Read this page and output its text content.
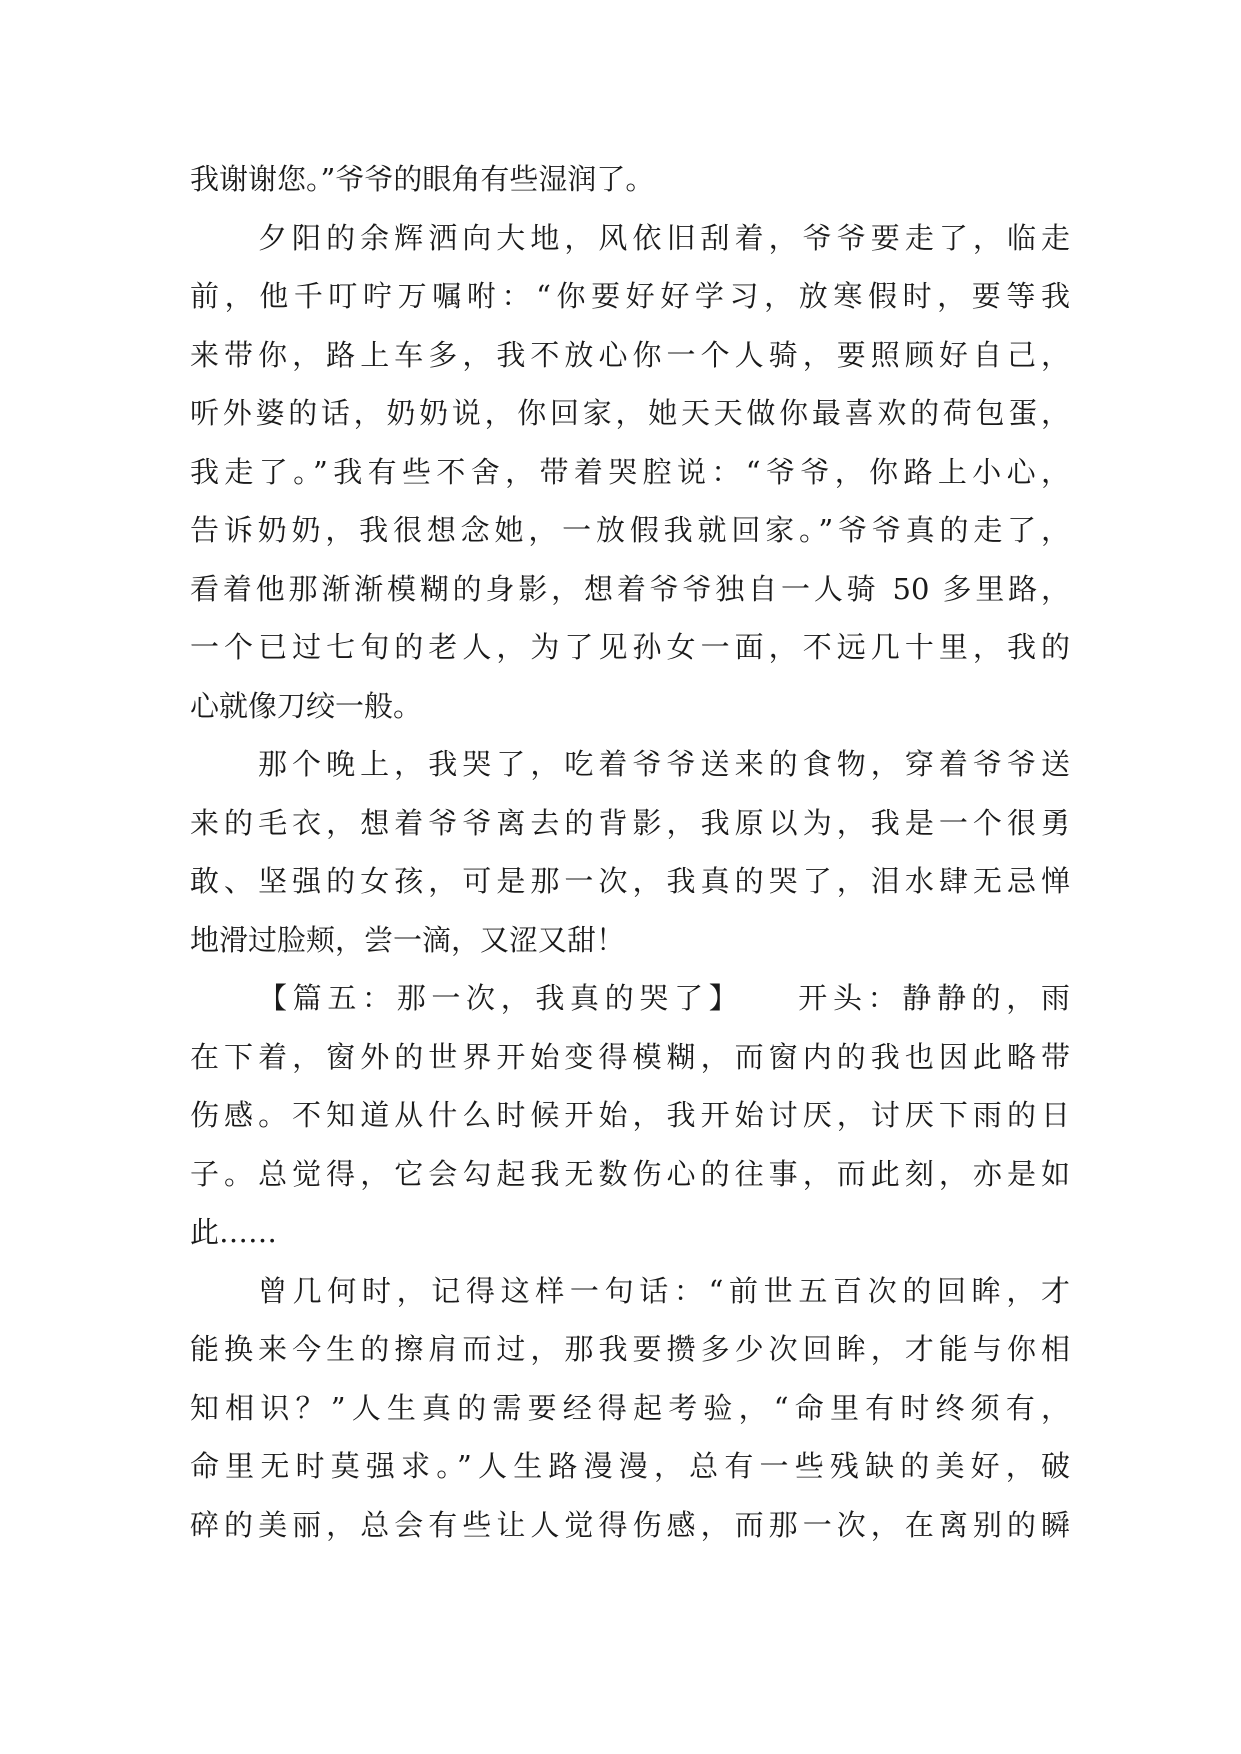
我谢谢您。”爷爷的眼角有些湿润了。
夕阳的余辉洒向大地，风依旧刮着，爷爷要走了，临走
前，他千叮咛万嘱咐：“你要好好学习，放寒假时，要等我
来带你，路上车多，我不放心你一个人骑，要照顾好自己，
听外婆的话，奶奶说，你回家，她天天做你最喜欢的荷包蛋，
我走了。”我有些不舍，带着哭腔说：“爷爷，你路上小心，
告诉奶奶，我很想念她，一放假我就回家。”爷爷真的走了，
看着他那渐渐模糊的身影，想着爷爷独自一人骑 50 多里路，
一个已过七旬的老人，为了见孙女一面，不远几十里，我的
心就像刀绞一般。
那个晚上，我哭了，吃着爷爷送来的食物，穿着爷爷送
来的毛衣，想着爷爷离去的背影，我原以为，我是一个很勇
敢、坚强的女孩，可是那一次，我真的哭了，泪水肆无忌惮
地滑过脸颊，尝一滴，又涩又甜！
【篇五：那一次，我真的哭了】　　开头：静静的，雨
在下着，窗外的世界开始变得模糊，而窗内的我也因此略带
伤感。不知道从什么时候开始，我开始讨厌，讨厌下雨的日
子。总觉得，它会勾起我无数伤心的往事，而此刻，亦是如
此……
曾几何时，记得这样一句话：“前世五百次的回眸，才
能换来今生的擦肩而过，那我要攒多少次回眸，才能与你相
知相识？”人生真的需要经得起考验，“命里有时终须有，
命里无时莫强求。”人生路漫漫，总有一些残缺的美好，破
碎的美丽，总会有些让人觉得伤感，而那一次，在离别的瞬
